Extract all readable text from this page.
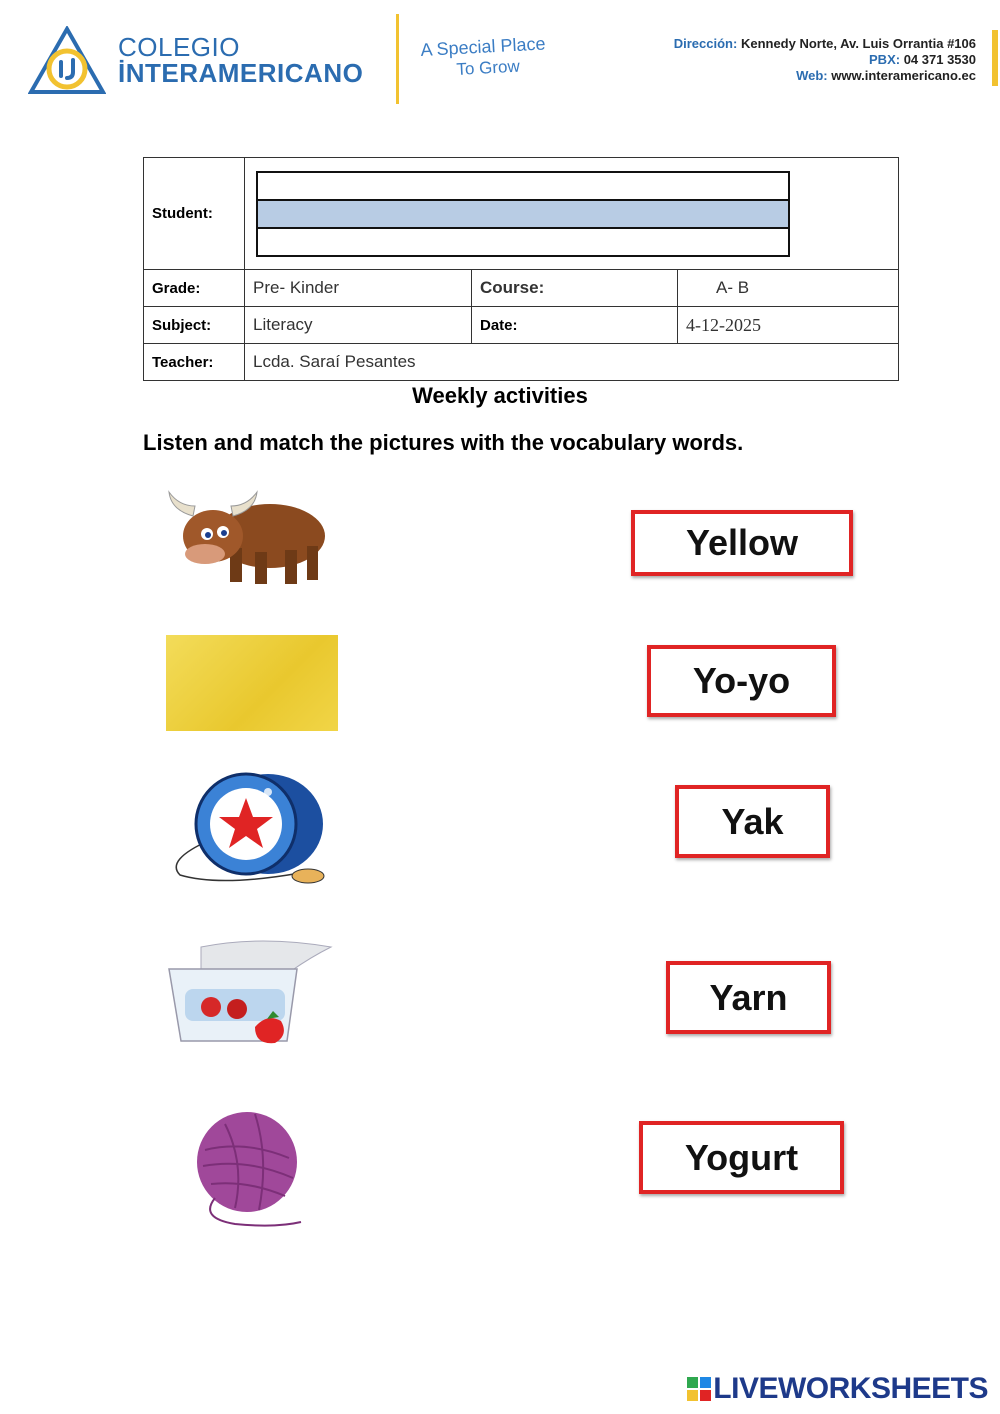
COLEGIO
İNTERAMERICANO
A Special Place
To Grow
Dirección: Kennedy Norte, Av. Luis Orrantia #106
PBX: 04 371 3530
Web: www.interamericano.ec
Student:			

Grade:	Pre- Kinder	Course:	A- B
Subject:	Literacy	Date:	4-12-2025
Teacher:	Lcda. Saraí Pesantes		
Weekly activities
Listen and match the pictures with the vocabulary words.
Yellow
Yo-yo
Yak
Yarn
Yogurt
LIVEWORKSHEETS
